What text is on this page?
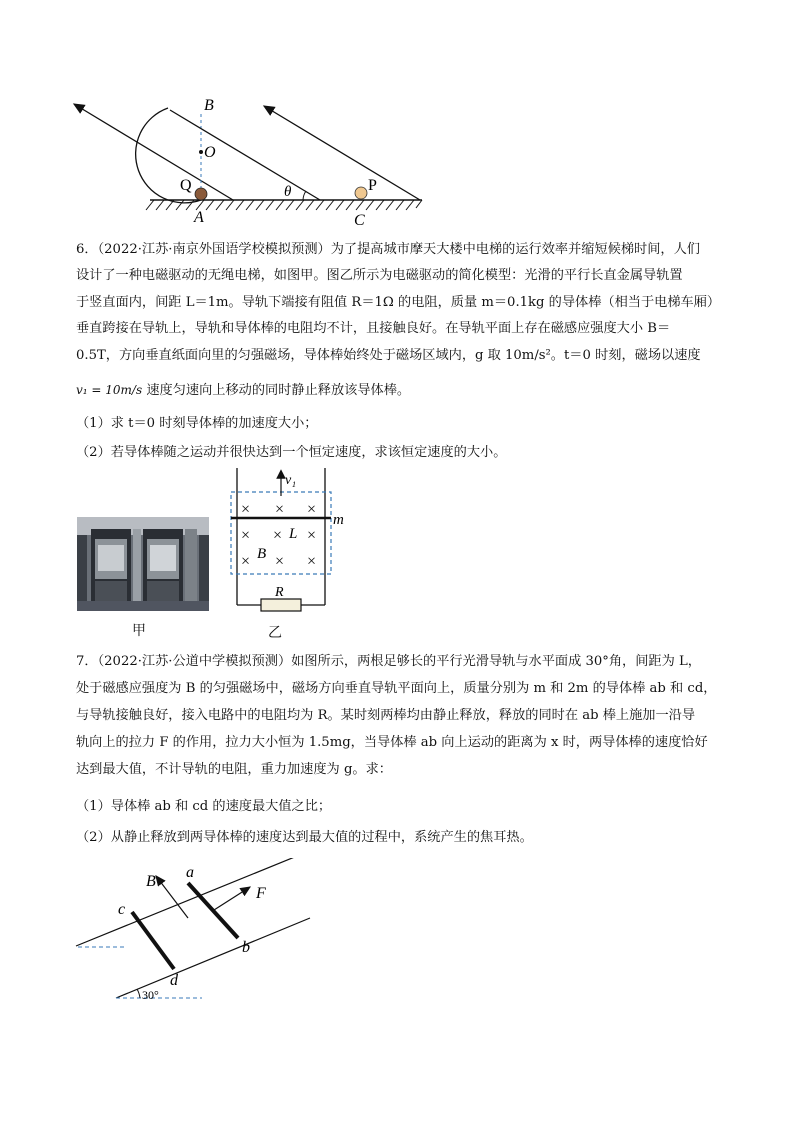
B
O
Q	P
A	C
θ
6．（2022·江苏·南京外国语学校模拟预测）为了提高城市摩天大楼中电梯的运行效率并缩短候梯时间，人们
设计了一种电磁驱动的无绳电梯，如图甲。图乙所示为电磁驱动的简化模型：光滑的平行长直金属导轨置
于竖直面内，间距 L＝1m。导轨下端接有阻值 R＝1Ω 的电阻，质量 m＝0.1kg 的导体棒（相当于电梯车厢）
垂直跨接在导轨上，导轨和导体棒的电阻均不计，且接触良好。在导轨平面上存在磁感应强度大小 B＝
0.5T，方向垂直纸面向里的匀强磁场，导体棒始终处于磁场区域内，g 取 10m/s²。t＝0 时刻，磁场以速度
v₁ = 10m/s 速度匀速向上移动的同时静止释放该导体棒。
（1）求 t＝0 时刻导体棒的加速度大小；
（2）若导体棒随之运动并很快达到一个恒定速度，求该恒定速度的大小。
甲
× × ×
× × ×
× × ×
v₁
m
L
B
R
乙
7．（2022·江苏·公道中学模拟预测）如图所示，两根足够长的平行光滑导轨与水平面成 30°角，间距为 L，
处于磁感应强度为 B 的匀强磁场中，磁场方向垂直导轨平面向上，质量分别为 m 和 2m 的导体棒 ab 和 cd，
与导轨接触良好，接入电路中的电阻均为 R。某时刻两棒均由静止释放，释放的同时在 ab 棒上施加一沿导
轨向上的拉力 F 的作用，拉力大小恒为 1.5mg，当导体棒 ab 向上运动的距离为 x 时，两导体棒的速度恰好
达到最大值，不计导轨的电阻，重力加速度为 g。求：
（1）导体棒 ab 和 cd 的速度最大值之比；
（2）从静止释放到两导体棒的速度达到最大值的过程中，系统产生的焦耳热。
B
a
b
c
d
F
30°
